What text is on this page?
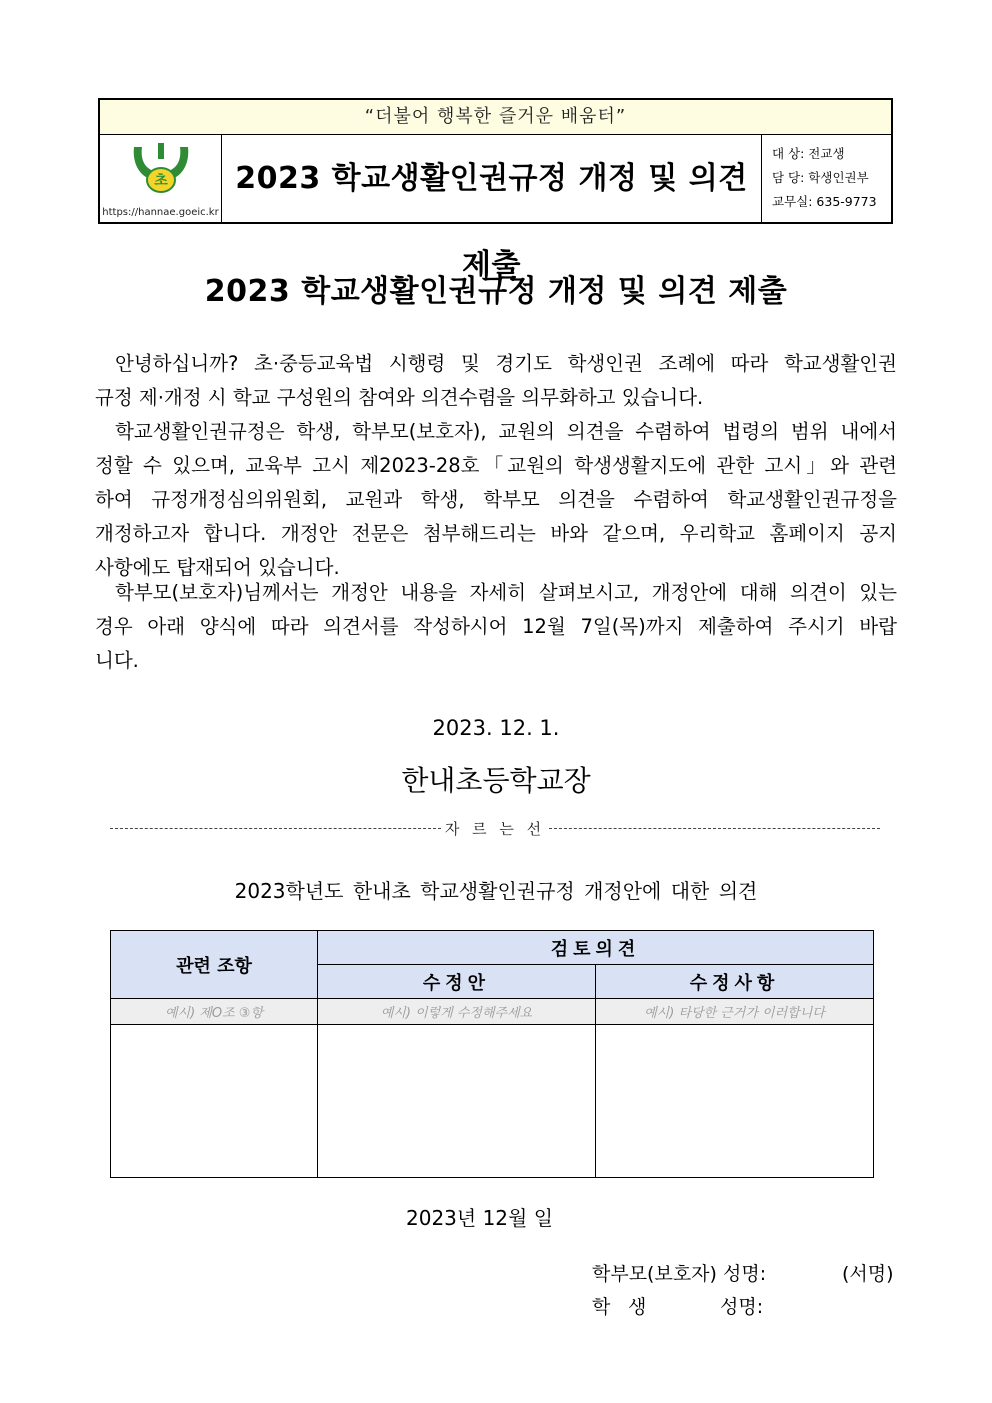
“더불어 행복한 즐거운 배움터”
초
https://hannae.goeic.kr
2023 학교생활인권규정 개정 및 의견 제출
대 상: 전교생
담 당: 학생인권부
교무실: 635-9773
2023 학교생활인권규정 개정 및 의견 제출
안녕하십니까? 초·중등교육법 시행령 및 경기도 학생인권 조례에 따라 학교생활인권
규정 제·개정 시 학교 구성원의 참여와 의견수렴을 의무화하고 있습니다.
학교생활인권규정은 학생, 학부모(보호자), 교원의 의견을 수렴하여 법령의 범위 내에서
정할 수 있으며, 교육부 고시 제2023-28호「교원의 학생생활지도에 관한 고시」와 관련
하여 규정개정심의위원회, 교원과 학생, 학부모 의견을 수렴하여 학교생활인권규정을
개정하고자 합니다. 개정안 전문은 첨부해드리는 바와 같으며, 우리학교 홈페이지 공지
사항에도 탑재되어 있습니다.
학부모(보호자)님께서는 개정안 내용을 자세히 살펴보시고, 개정안에 대해 의견이 있는
경우 아래 양식에 따라 의견서를 작성하시어 12월 7일(목)까지 제출하여 주시기 바랍
니다.
2023. 12. 1.
한내초등학교장
자 르 는 선
2023학년도 한내초 학교생활인권규정 개정안에 대한 의견
관련 조항	검토의견	
	수정안	수정사항
예시) 제O조 ③항	예시) 이렇게 수정해주세요	예시) 타당한 근거가 이러합니다

2023년 12월 일
학부모(보호자) 성명:	(서명)
학 생	성명:
